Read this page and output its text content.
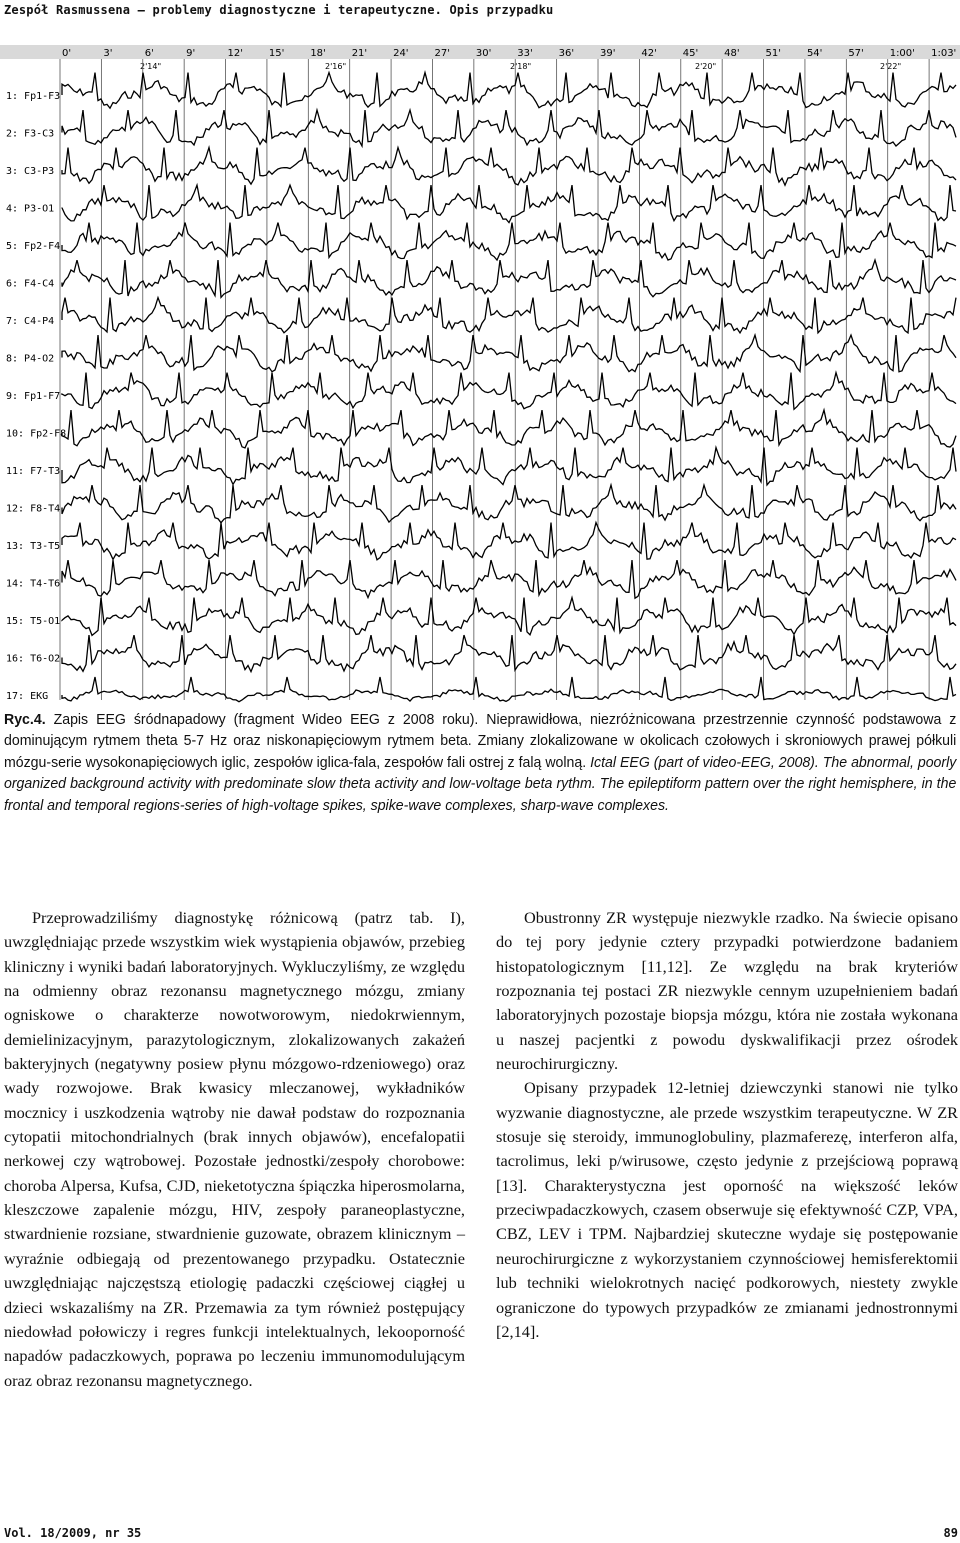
Zespół Rasmussena – problemy diagnostyczne i terapeutyczne. Opis przypadku
0'	3'	6'	9'	12'	15'	18'	21'	24'	27'	30'	33'	36'	39'	42'	45'	48'	51'	54'	57'	1:00' 1:03'
2'14"	2'16"	2'18"	2'20"	2'22"
1: Fp1-F3
2: F3-C3
3: C3-P3
4: P3-O1
5: Fp2-F4
6: F4-C4
7: C4-P4
8: P4-O2
9: Fp1-F7
10: Fp2-F8
11: F7-T3
12: F8-T4
13: T3-T5
14: T4-T6
15: T5-O1
16: T6-O2
17: EKG
Ryc.4. Zapis EEG śródnapadowy (fragment Wideo EEG z 2008 roku). Nieprawidłowa, niezróżnicowana przestrzennie czynność podstawowa z dominującym rytmem theta 5-7 Hz oraz niskonapięciowym rytmem beta. Zmiany zlokalizowane w okolicach czołowych i skroniowych prawej półkuli mózgu-serie wysokonapięciowych iglic, zespołów iglica-fala, zespołów fali ostrej z falą wolną. Ictal EEG (part of video-EEG, 2008). The abnormal, poorly organized background activity with predominate slow theta activity and low-voltage beta rythm. The epileptiform pattern over the right hemisphere, in the frontal and temporal regions-series of high-voltage spikes, spike-wave complexes, sharp-wave complexes.

Przeprowadziliśmy diagnostykę różnicową (patrz tab. I), uwzględniając przede wszystkim wiek wystąpienia objawów, przebieg kliniczny i wyniki badań laboratoryjnych. Wykluczyliśmy, ze względu na odmienny obraz rezonansu magnetycznego mózgu, zmiany ogniskowe o charakterze nowotworowym, niedokrwiennym, demielinizacyjnym, parazytologicznym, zlokalizowanych zakażeń bakteryjnych (negatywny posiew płynu mózgowo-rdzeniowego) oraz wady rozwojowe. Brak kwasicy mleczanowej, wykładników mocznicy i uszkodzenia wątroby nie dawał podstaw do rozpoznania cytopatii mitochondrialnych (brak innych objawów), encefalopatii nerkowej czy wątrobowej. Pozostałe jednostki/zespoły chorobowe: choroba Alpersa, Kufsa, CJD, nieketotyczna śpiączka hiperosmolarna, kleszczowe zapalenie mózgu, HIV, zespoły paraneoplastyczne, stwardnienie rozsiane, stwardnienie guzowate, obrazem klinicznym – wyraźnie odbiegają od prezentowanego przypadku. Ostatecznie uwzględniając najczęstszą etiologię padaczki częściowej ciągłej u dzieci wskazaliśmy na ZR. Przemawia za tym również postępujący niedowład połowiczy i regres funkcji intelektualnych, lekooporność napadów padaczkowych, poprawa po leczeniu immunomodulującym oraz obraz rezonansu magnetycznego.

Obustronny ZR występuje niezwykle rzadko. Na świecie opisano do tej pory jedynie cztery przypadki potwierdzone badaniem histopatologicznym [11,12]. Ze względu na brak kryteriów rozpoznania tej postaci ZR niezwykle cennym uzupełnieniem badań laboratoryjnych pozostaje biopsja mózgu, która nie została wykonana u naszej pacjentki z powodu dyskwalifikacji przez ośrodek neurochirurgiczny.

Opisany przypadek 12-letniej dziewczynki stanowi nie tylko wyzwanie diagnostyczne, ale przede wszystkim terapeutyczne. W ZR stosuje się steroidy, immunoglobuliny, plazmaferezę, interferon alfa, tacrolimus, leki p/wirusowe, często jedynie z przejściową poprawą [13]. Charakterystyczna jest oporność na większość leków przeciwpadaczkowych, czasem obserwuje się efektywność CZP, VPA, CBZ, LEV i TPM. Najbardziej skuteczne wydaje się postępowanie neurochirurgiczne z wykorzystaniem czynnościowej hemisferektomii lub techniki wielokrotnych nacięć podkorowych, niestety zwykle ograniczone do typowych przypadków ze zmianami jednostronnymi [2,14].

Vol. 18/2009, nr 35	89
